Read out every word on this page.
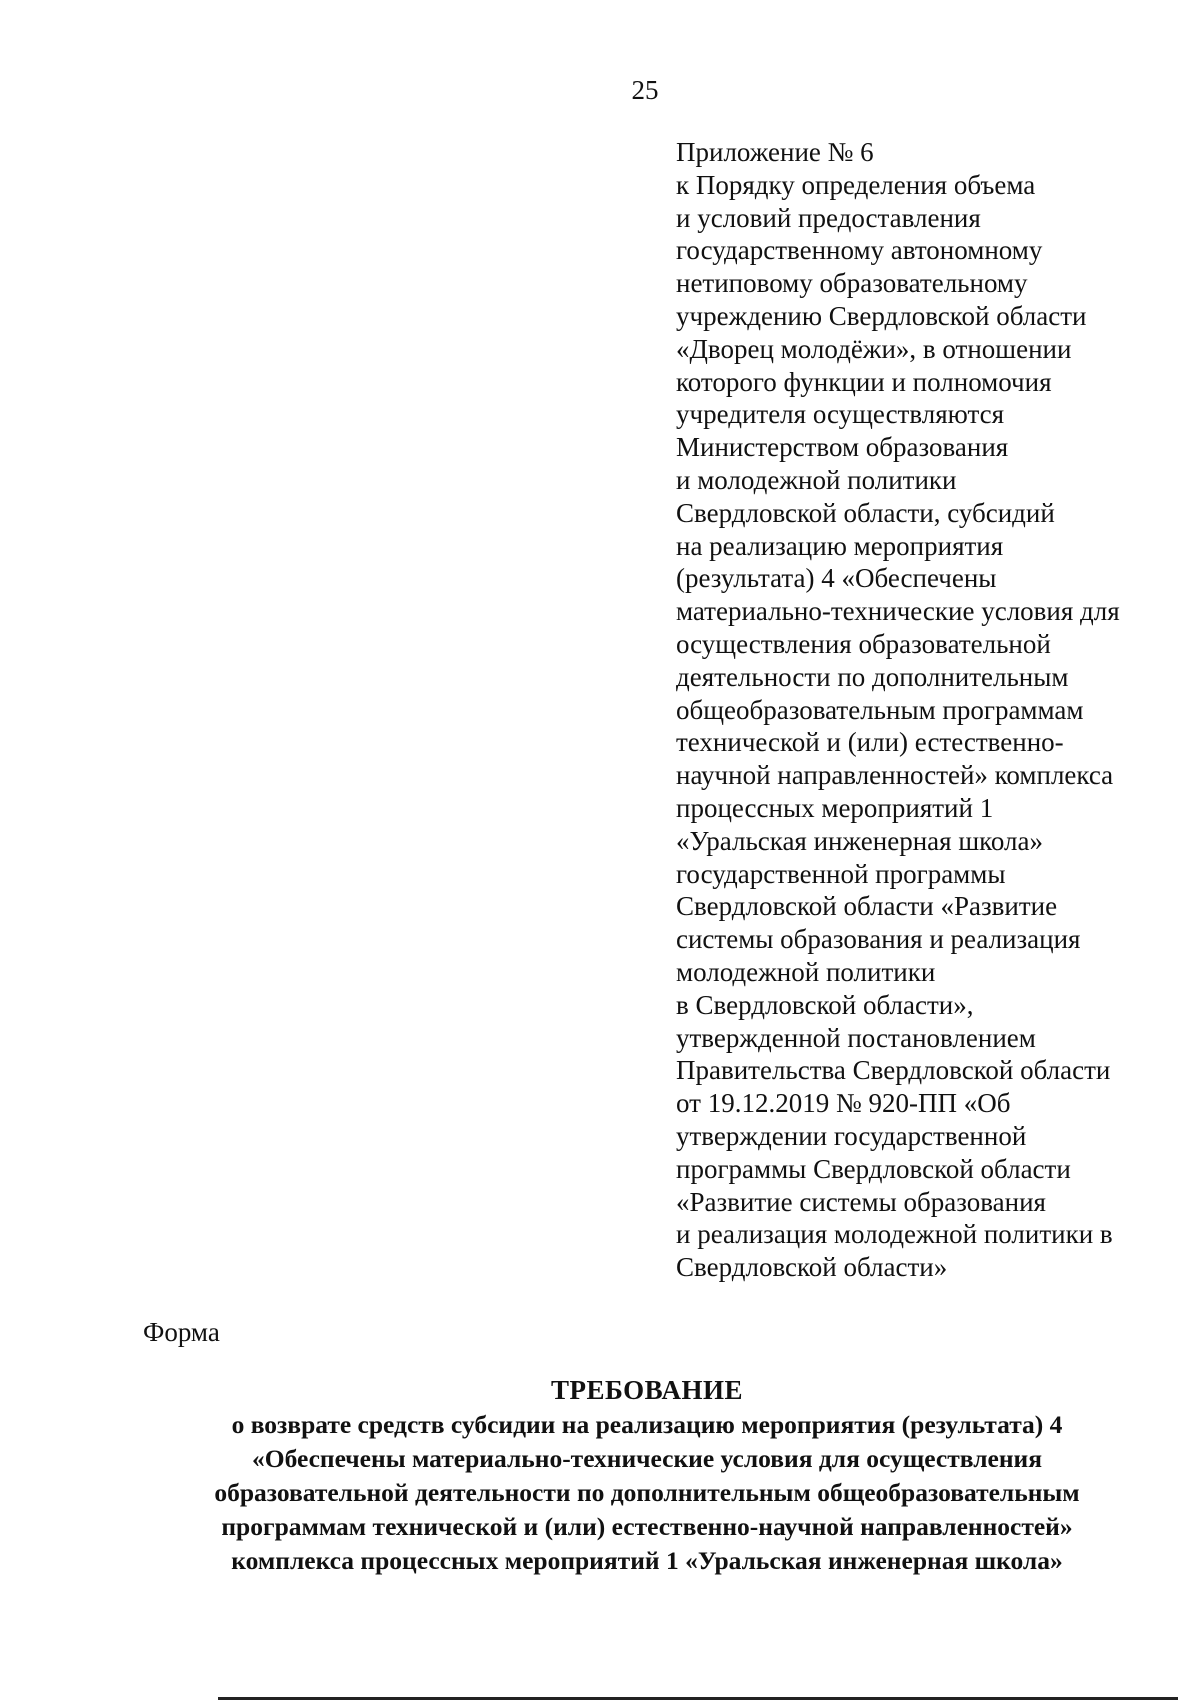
25
Приложение № 6
к Порядку определения объема
и условий предоставления
государственному автономному
нетиповому образовательному
учреждению Свердловской области
«Дворец молодёжи», в отношении
которого функции и полномочия
учредителя осуществляются
Министерством образования
и молодежной политики
Свердловской области, субсидий
на реализацию мероприятия
(результата) 4 «Обеспечены
материально-технические условия для
осуществления образовательной
деятельности по дополнительным
общеобразовательным программам
технической и (или) естественно-
научной направленностей» комплекса
процессных мероприятий 1
«Уральская инженерная школа»
государственной программы
Свердловской области «Развитие
системы образования и реализация
молодежной политики
в Свердловской области»,
утвержденной постановлением
Правительства Свердловской области
от 19.12.2019 № 920-ПП «Об
утверждении государственной
программы Свердловской области
«Развитие системы образования
и реализация молодежной политики в
Свердловской области»
Форма
ТРЕБОВАНИЕ
о возврате средств субсидии на реализацию мероприятия (результата) 4
«Обеспечены материально-технические условия для осуществления
образовательной деятельности по дополнительным общеобразовательным
программам технической и (или) естественно-научной направленностей»
комплекса процессных мероприятий 1 «Уральская инженерная школа»
